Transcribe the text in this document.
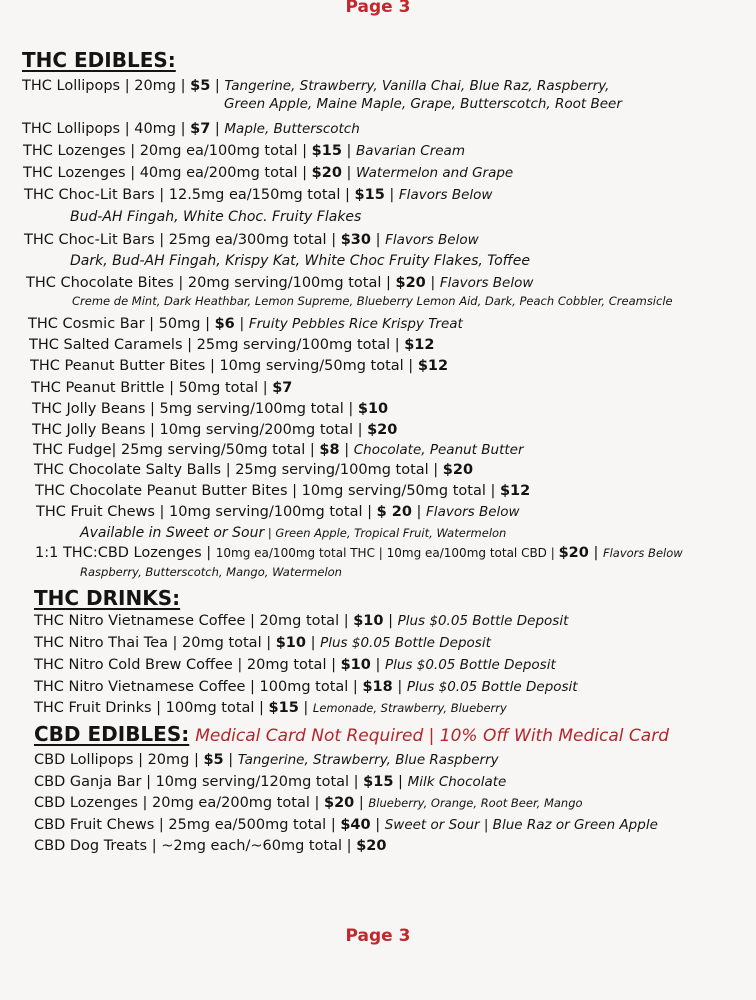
Page 3
THC EDIBLES:
THC Lollipops | 20mg | $5 | Tangerine, Strawberry, Vanilla Chai, Blue Raz, Raspberry,
Green Apple, Maine Maple, Grape, Butterscotch, Root Beer
THC Lollipops | 40mg | $7 | Maple, Butterscotch
THC Lozenges | 20mg ea/100mg total | $15 | Bavarian Cream
THC Lozenges | 40mg ea/200mg total | $20 | Watermelon and Grape
THC Choc-Lit Bars | 12.5mg ea/150mg total | $15 | Flavors Below
Bud-AH Fingah, White Choc. Fruity Flakes
THC Choc-Lit Bars | 25mg ea/300mg total | $30 | Flavors Below
Dark, Bud-AH Fingah, Krispy Kat, White Choc Fruity Flakes, Toffee
THC Chocolate Bites | 20mg serving/100mg total | $20 | Flavors Below
Creme de Mint, Dark Heathbar, Lemon Supreme, Blueberry Lemon Aid, Dark, Peach Cobbler, Creamsicle
THC Cosmic Bar | 50mg | $6 | Fruity Pebbles Rice Krispy Treat
THC Salted Caramels | 25mg serving/100mg total | $12
THC Peanut Butter Bites | 10mg serving/50mg total | $12
THC Peanut Brittle | 50mg total | $7
THC Jolly Beans | 5mg serving/100mg total | $10
THC Jolly Beans | 10mg serving/200mg total | $20
THC Fudge| 25mg serving/50mg total | $8 | Chocolate, Peanut Butter
THC Chocolate Salty Balls | 25mg serving/100mg total | $20
THC Chocolate Peanut Butter Bites | 10mg serving/50mg total | $12
THC Fruit Chews | 10mg serving/100mg total | $ 20 | Flavors Below
Available in Sweet or Sour | Green Apple, Tropical Fruit, Watermelon
1:1 THC:CBD Lozenges | 10mg ea/100mg total THC | 10mg ea/100mg total CBD | $20 | Flavors Below
Raspberry, Butterscotch, Mango, Watermelon
THC DRINKS:
THC Nitro Vietnamese Coffee | 20mg total | $10 | Plus $0.05 Bottle Deposit
THC Nitro Thai Tea | 20mg total | $10 | Plus $0.05 Bottle Deposit
THC Nitro Cold Brew Coffee | 20mg total | $10 | Plus $0.05 Bottle Deposit
THC Nitro Vietnamese Coffee | 100mg total | $18 | Plus $0.05 Bottle Deposit
THC Fruit Drinks | 100mg total | $15 | Lemonade, Strawberry, Blueberry
CBD EDIBLES: Medical Card Not Required | 10% Off With Medical Card
CBD Lollipops | 20mg | $5 | Tangerine, Strawberry, Blue Raspberry
CBD Ganja Bar | 10mg serving/120mg total | $15 | Milk Chocolate
CBD Lozenges | 20mg ea/200mg total | $20 | Blueberry, Orange, Root Beer, Mango
CBD Fruit Chews | 25mg ea/500mg total | $40 | Sweet or Sour | Blue Raz or Green Apple
CBD Dog Treats | ~2mg each/~60mg total | $20
Page 3
